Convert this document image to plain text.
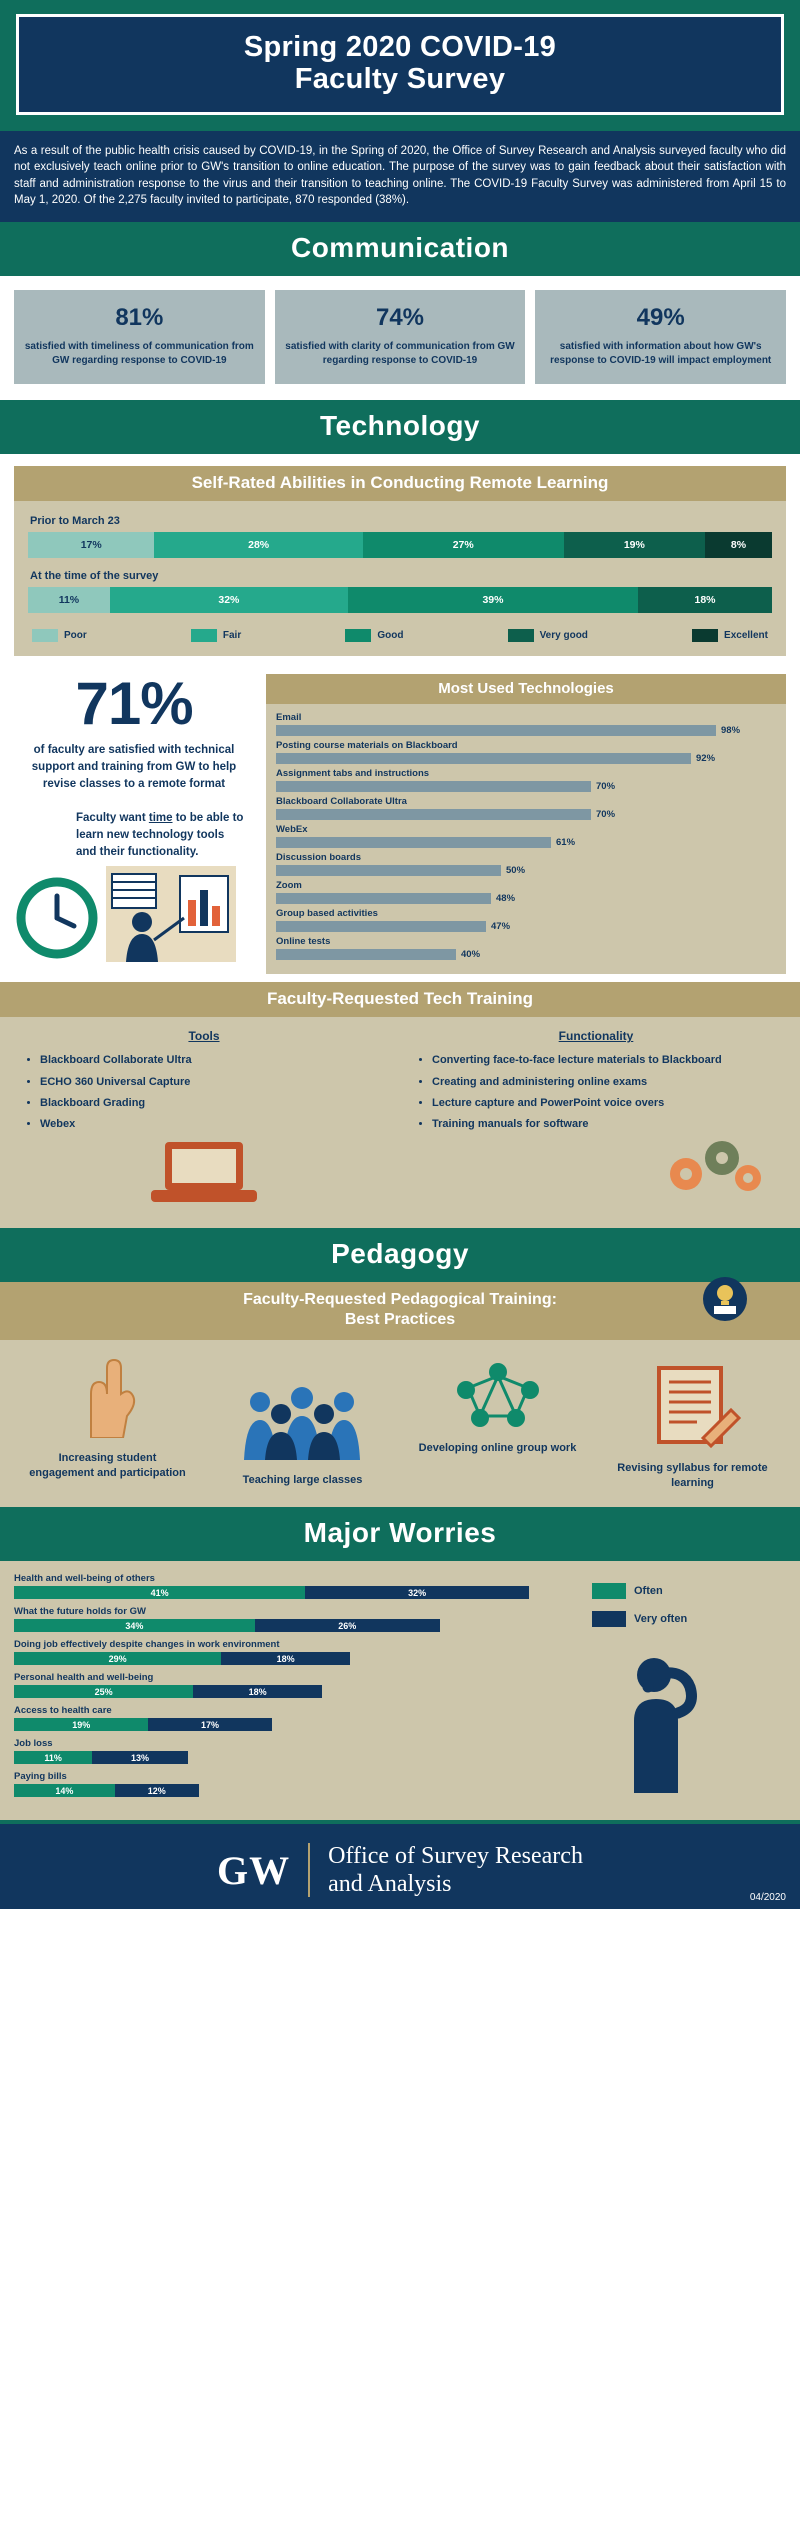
Spring 2020 COVID-19
Faculty Survey
As a result of the public health crisis caused by COVID-19, in the Spring of 2020, the Office of Survey Research and Analysis surveyed faculty who did not exclusively teach online prior to GW's transition to online education. The purpose of the survey was to gain feedback about their satisfaction with staff and administration response to the virus and their transition to teaching online. The COVID-19 Faculty Survey was administered from April 15 to May 1, 2020. Of the 2,275 faculty invited to participate, 870 responded (38%).
Communication
81%
satisfied with timeliness of communication from GW regarding response to COVID-19
74%
satisfied with clarity of communication from GW regarding response to COVID-19
49%
satisfied with information about how GW's response to COVID-19 will impact employment
Technology
Self-Rated Abilities in Conducting Remote Learning
Prior to March 23
17%	28%	27%	19%	8%
At the time of the survey
11%	32%	39%	18%
Poor	Fair	Good	Very good	Excellent
71%
of faculty are satisfied with technical support and training from GW to help revise classes to a remote format
Faculty want time to be able to learn new technology tools and their functionality.
Most Used Technologies
Email
98%
Posting course materials on Blackboard
92%
Assignment tabs and instructions
70%
Blackboard Collaborate Ultra
70%
WebEx
61%
Discussion boards
50%
Zoom
48%
Group based activities
47%
Online tests
40%
Faculty-Requested Tech Training
Tools
• Blackboard Collaborate Ultra
• ECHO 360 Universal Capture
• Blackboard Grading
• Webex
Functionality
• Converting face-to-face lecture materials to Blackboard
• Creating and administering online exams
• Lecture capture and PowerPoint voice overs
• Training manuals for software
Pedagogy
Faculty-Requested Pedagogical Training:
Best Practices
Increasing student engagement and participation
Teaching large classes
Developing online group work
Revising syllabus for remote learning
Major Worries
Health and well-being of others
41%	32%
What the future holds for GW
34%	26%
Doing job effectively despite changes in work environment
29%	18%
Personal health and well-being
25%	18%
Access to health care
19%	17%
Job loss
11%	13%
Paying bills
14%	12%
Often
Very often
GW Office of Survey Research
and Analysis	04/2020
